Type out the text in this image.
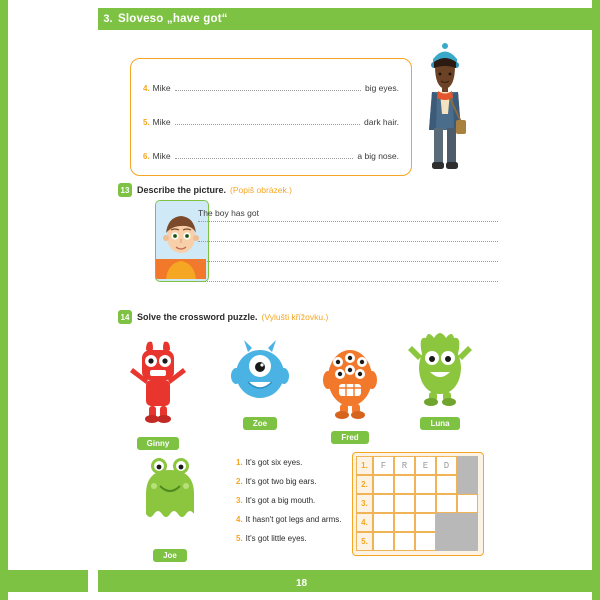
3. Sloveso „have got“
4. Mike	big eyes.
5. Mike	dark hair.
6. Mike	a big nose.
13 Describe the picture. (Popiš obrázek.)
The boy has got
14 Solve the crossword puzzle. (Vylušti křížovku.)
Ginny
Zoe
Fred
Luna
Joe
1. It's got six eyes.
2. It's got two big ears.
3. It's got a big mouth.
4. It hasn't got legs and arms.
5. It's got little eyes.
1.	F	R	E	D
2.
3.
4.
5.
18
